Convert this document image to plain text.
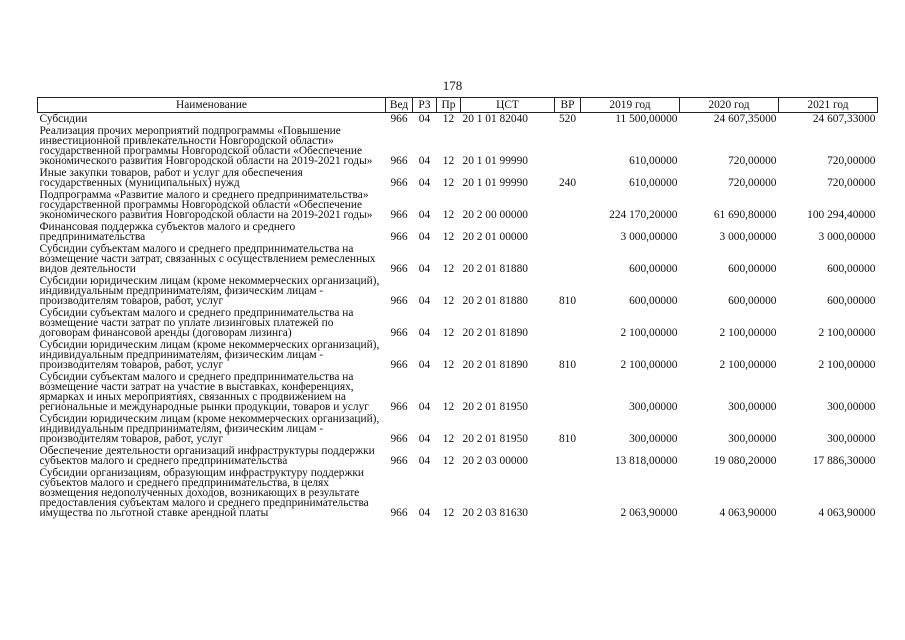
178
Наименование	Вед	РЗ	Пр	ЦСТ	ВР	2019 год	2020 год	2021 год
Субсидии	966	04	12	20 1 01 82040	520	11 500,00000	24 607,35000	24 607,33000
Реализация прочих мероприятий подпрограммы «Повышение инвестиционной привлекательности Новгородской области» государственной программы Новгородской области «Обеспечение экономического развития Новгородской области на 2019-2021 годы»	966	04	12	20 1 01 99990		610,00000	720,00000	720,00000
Иные закупки товаров, работ и услуг для обеспечения государственных (муниципальных) нужд	966	04	12	20 1 01 99990	240	610,00000	720,00000	720,00000
Подпрограмма «Развитие малого и среднего предпринимательства» государственной программы Новгородской области «Обеспечение экономического развития Новгородской области на 2019-2021 годы»	966	04	12	20 2 00 00000		224 170,20000	61 690,80000	100 294,40000
Финансовая поддержка субъектов малого и среднего предпринимательства	966	04	12	20 2 01 00000		3 000,00000	3 000,00000	3 000,00000
Субсидии субъектам малого и среднего предпринимательства на возмещение части затрат, связанных с осуществлением ремесленных видов деятельности	966	04	12	20 2 01 81880		600,00000	600,00000	600,00000
Субсидии юридическим лицам (кроме некоммерческих организаций), индивидуальным предпринимателям, физическим лицам - производителям товаров, работ, услуг	966	04	12	20 2 01 81880	810	600,00000	600,00000	600,00000
Субсидии субъектам малого и среднего предпринимательства на возмещение части затрат по уплате лизинговых платежей по договорам финансовой аренды (договорам лизинга)	966	04	12	20 2 01 81890		2 100,00000	2 100,00000	2 100,00000
Субсидии юридическим лицам (кроме некоммерческих организаций), индивидуальным предпринимателям, физическим лицам - производителям товаров, работ, услуг	966	04	12	20 2 01 81890	810	2 100,00000	2 100,00000	2 100,00000
Субсидии субъектам малого и среднего предпринимательства на возмещение части затрат на участие в выставках, конференциях, ярмарках и иных мероприятиях, связанных с продвижением на региональные и международные рынки продукции, товаров и услуг	966	04	12	20 2 01 81950		300,00000	300,00000	300,00000
Субсидии юридическим лицам (кроме некоммерческих организаций), индивидуальным предпринимателям, физическим лицам - производителям товаров, работ, услуг	966	04	12	20 2 01 81950	810	300,00000	300,00000	300,00000
Обеспечение деятельности организаций инфраструктуры поддержки субъектов малого и среднего предпринимательства	966	04	12	20 2 03 00000		13 818,00000	19 080,20000	17 886,30000
Субсидии организациям, образующим инфраструктуру поддержки субъектов малого и среднего предпринимательства, в целях возмещения недополученных доходов, возникающих в результате предоставления субъектам малого и среднего предпринимательства имущества по льготной ставке арендной платы	966	04	12	20 2 03 81630		2 063,90000	4 063,90000	4 063,90000
